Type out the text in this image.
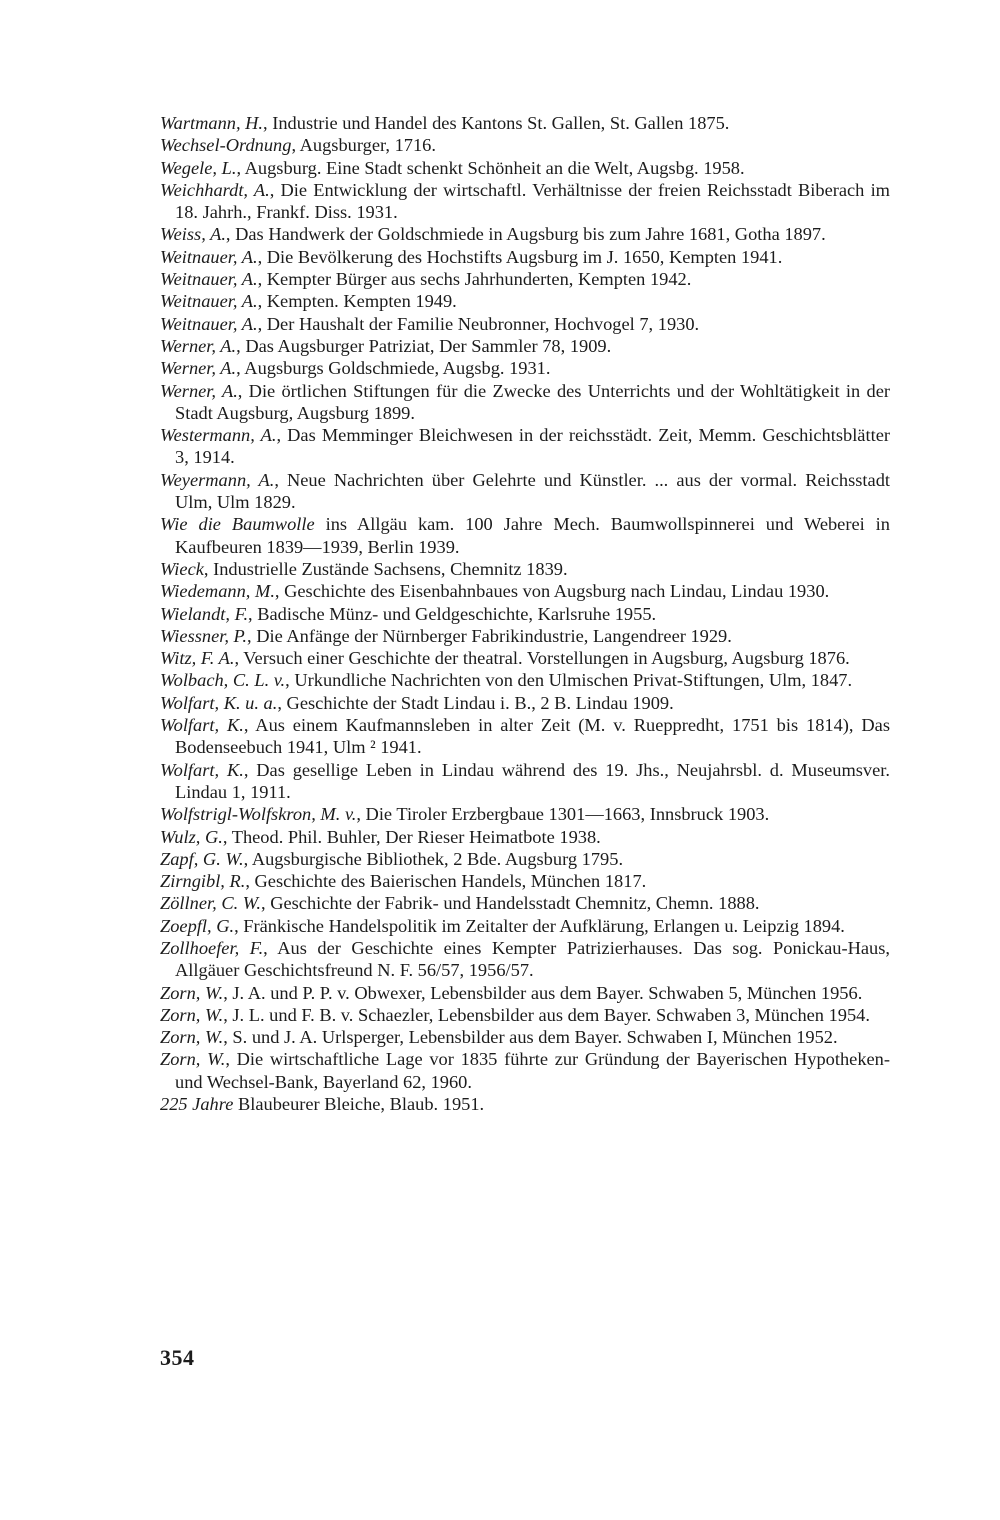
Wartmann, H., Industrie und Handel des Kantons St. Gallen, St. Gallen 1875.
Wechsel-Ordnung, Augsburger, 1716.
Wegele, L., Augsburg. Eine Stadt schenkt Schönheit an die Welt, Augsbg. 1958.
Weichhardt, A., Die Entwicklung der wirtschaftl. Verhältnisse der freien Reichsstadt Biberach im 18. Jahrh., Frankf. Diss. 1931.
Weiss, A., Das Handwerk der Goldschmiede in Augsburg bis zum Jahre 1681, Gotha 1897.
Weitnauer, A., Die Bevölkerung des Hochstifts Augsburg im J. 1650, Kempten 1941.
Weitnauer, A., Kempter Bürger aus sechs Jahrhunderten, Kempten 1942.
Weitnauer, A., Kempten. Kempten 1949.
Weitnauer, A., Der Haushalt der Familie Neubronner, Hochvogel 7, 1930.
Werner, A., Das Augsburger Patriziat, Der Sammler 78, 1909.
Werner, A., Augsburgs Goldschmiede, Augsbg. 1931.
Werner, A., Die örtlichen Stiftungen für die Zwecke des Unterrichts und der Wohltätigkeit in der Stadt Augsburg, Augsburg 1899.
Westermann, A., Das Memminger Bleichwesen in der reichsstädt. Zeit, Memm. Geschichtsblätter 3, 1914.
Weyermann, A., Neue Nachrichten über Gelehrte und Künstler. ... aus der vormal. Reichsstadt Ulm, Ulm 1829.
Wie die Baumwolle ins Allgäu kam. 100 Jahre Mech. Baumwollspinnerei und Weberei in Kaufbeuren 1839—1939, Berlin 1939.
Wieck, Industrielle Zustände Sachsens, Chemnitz 1839.
Wiedemann, M., Geschichte des Eisenbahnbaues von Augsburg nach Lindau, Lindau 1930.
Wielandt, F., Badische Münz- und Geldgeschichte, Karlsruhe 1955.
Wiessner, P., Die Anfänge der Nürnberger Fabrikindustrie, Langendreer 1929.
Witz, F. A., Versuch einer Geschichte der theatral. Vorstellungen in Augsburg, Augsburg 1876.
Wolbach, C. L. v., Urkundliche Nachrichten von den Ulmischen Privat-Stiftungen, Ulm, 1847.
Wolfart, K. u. a., Geschichte der Stadt Lindau i. B., 2 B. Lindau 1909.
Wolfart, K., Aus einem Kaufmannsleben in alter Zeit (M. v. Rueppredht, 1751 bis 1814), Das Bodenseebuch 1941, Ulm ² 1941.
Wolfart, K., Das gesellige Leben in Lindau während des 19. Jhs., Neujahrsbl. d. Museumsver. Lindau 1, 1911.
Wolfstrigl-Wolfskron, M. v., Die Tiroler Erzbergbaue 1301—1663, Innsbruck 1903.
Wulz, G., Theod. Phil. Buhler, Der Rieser Heimatbote 1938.
Zapf, G. W., Augsburgische Bibliothek, 2 Bde. Augsburg 1795.
Zirngibl, R., Geschichte des Baierischen Handels, München 1817.
Zöllner, C. W., Geschichte der Fabrik- und Handelsstadt Chemnitz, Chemn. 1888.
Zoepfl, G., Fränkische Handelspolitik im Zeitalter der Aufklärung, Erlangen u. Leipzig 1894.
Zollhoefer, F., Aus der Geschichte eines Kempter Patrizierhauses. Das sog. Ponickau-Haus, Allgäuer Geschichtsfreund N. F. 56/57, 1956/57.
Zorn, W., J. A. und P. P. v. Obwexer, Lebensbilder aus dem Bayer. Schwaben 5, München 1956.
Zorn, W., J. L. und F. B. v. Schaezler, Lebensbilder aus dem Bayer. Schwaben 3, München 1954.
Zorn, W., S. und J. A. Urlsperger, Lebensbilder aus dem Bayer. Schwaben I, München 1952.
Zorn, W., Die wirtschaftliche Lage vor 1835 führte zur Gründung der Bayerischen Hypotheken- und Wechsel-Bank, Bayerland 62, 1960.
225 Jahre Blaubeurer Bleiche, Blaub. 1951.
354
